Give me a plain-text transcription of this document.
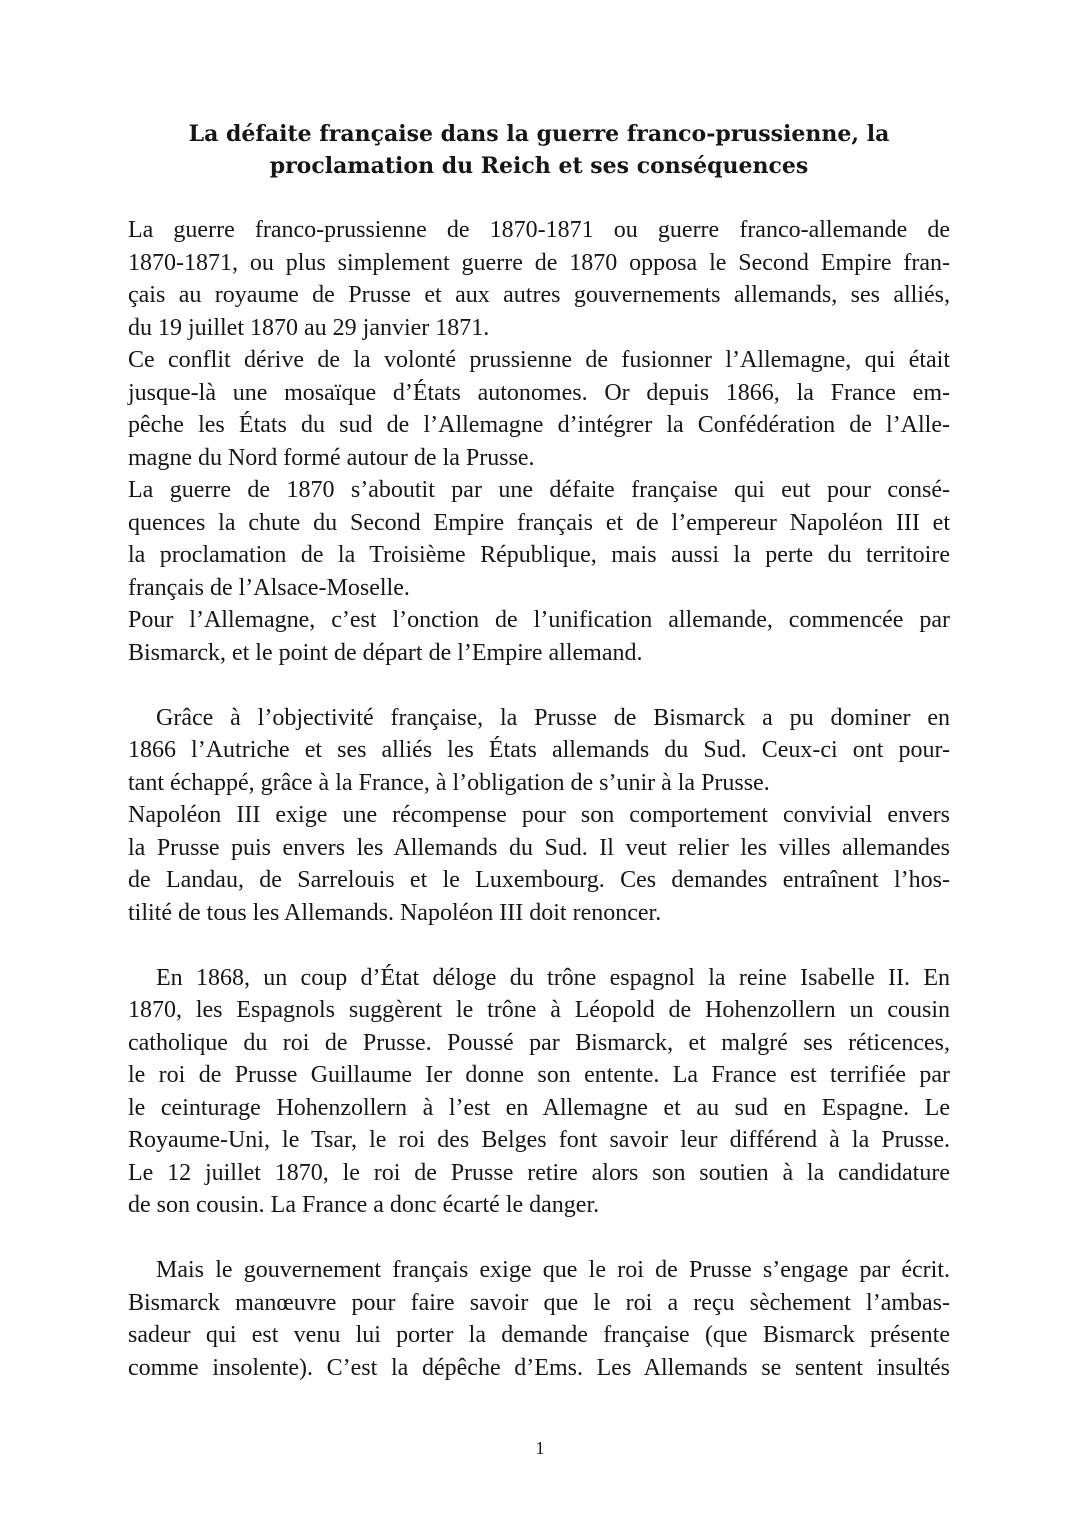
La défaite française dans la guerre franco-prussienne, la
proclamation du Reich et ses conséquences

La guerre franco-prussienne de 1870-1871 ou guerre franco-allemande de
1870-1871, ou plus simplement guerre de 1870 opposa le Second Empire fran-
çais au royaume de Prusse et aux autres gouvernements allemands, ses alliés,
du 19 juillet 1870 au 29 janvier 1871.

Ce conflit dérive de la volonté prussienne de fusionner l’Allemagne, qui était
jusque-là une mosaïque d’États autonomes. Or depuis 1866, la France em-
pêche les États du sud de l’Allemagne d’intégrer la Confédération de l’Alle-
magne du Nord formé autour de la Prusse.

La guerre de 1870 s’aboutit par une défaite française qui eut pour consé-
quences la chute du Second Empire français et de l’empereur Napoléon III et
la proclamation de la Troisième République, mais aussi la perte du territoire
français de l’Alsace-Moselle.

Pour l’Allemagne, c’est l’onction de l’unification allemande, commencée par
Bismarck, et le point de départ de l’Empire allemand.

Grâce à l’objectivité française, la Prusse de Bismarck a pu dominer en
1866 l’Autriche et ses alliés les États allemands du Sud. Ceux-ci ont pour-
tant échappé, grâce à la France, à l’obligation de s’unir à la Prusse.

Napoléon III exige une récompense pour son comportement convivial envers
la Prusse puis envers les Allemands du Sud. Il veut relier les villes allemandes
de Landau, de Sarrelouis et le Luxembourg. Ces demandes entraînent l’hos-
tilité de tous les Allemands. Napoléon III doit renoncer.

En 1868, un coup d’État déloge du trône espagnol la reine Isabelle II. En
1870, les Espagnols suggèrent le trône à Léopold de Hohenzollern un cousin
catholique du roi de Prusse. Poussé par Bismarck, et malgré ses réticences,
le roi de Prusse Guillaume Ier donne son entente. La France est terrifiée par
le ceinturage Hohenzollern à l’est en Allemagne et au sud en Espagne. Le
Royaume-Uni, le Tsar, le roi des Belges font savoir leur différend à la Prusse.
Le 12 juillet 1870, le roi de Prusse retire alors son soutien à la candidature
de son cousin. La France a donc écarté le danger.

Mais le gouvernement français exige que le roi de Prusse s’engage par écrit.
Bismarck manœuvre pour faire savoir que le roi a reçu sèchement l’ambas-
sadeur qui est venu lui porter la demande française (que Bismarck présente
comme insolente). C’est la dépêche d’Ems. Les Allemands se sentent insultés

1
